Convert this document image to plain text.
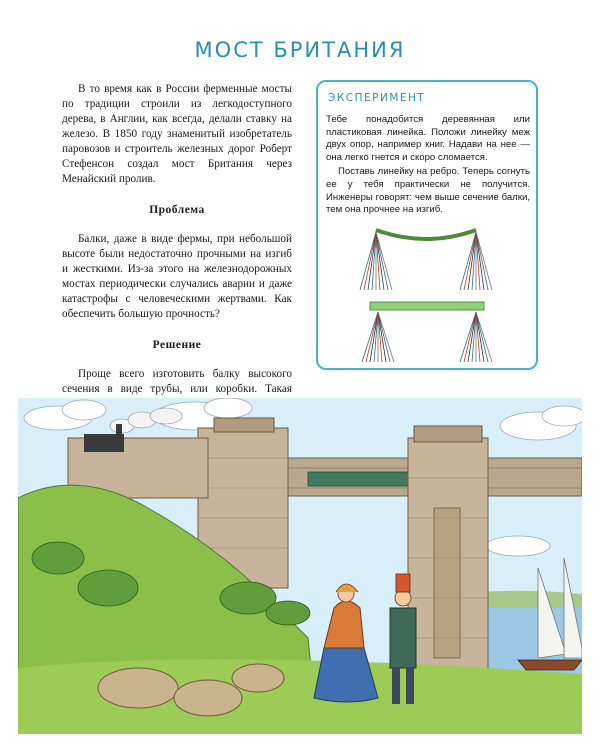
МОСТ БРИТАНИЯ

В то время как в России ферменные мосты по традиции строили из легкодоступного дерева, в Англии, как всегда, делали ставку на железо. В 1850 году знаменитый изобретатель паровозов и строитель железных дорог Роберт Стефенсон создал мост Британия через Менайский пролив.

Проблема

Балки, даже в виде фермы, при небольшой высоте были недостаточно прочными на изгиб и жесткими. Из-за этого на железнодорожных мостах периодически случались аварии и даже катастрофы с человеческими жертвами. Как обеспечить большую прочность?

Решение

Проще всего изготовить балку высокого сечения в виде трубы, или коробки. Такая

ЭКСПЕРИМЕНТ

Тебе понадобится деревянная или пластиковая линейка. Положи линейку меж двух опор, например книг. Надави на нее — она легко гнется и скоро сломается.

Поставь линейку на ребро. Теперь согнуть ее у тебя практически не получится. Инженеры говорят: чем выше сечение балки, тем она прочнее на изгиб.
